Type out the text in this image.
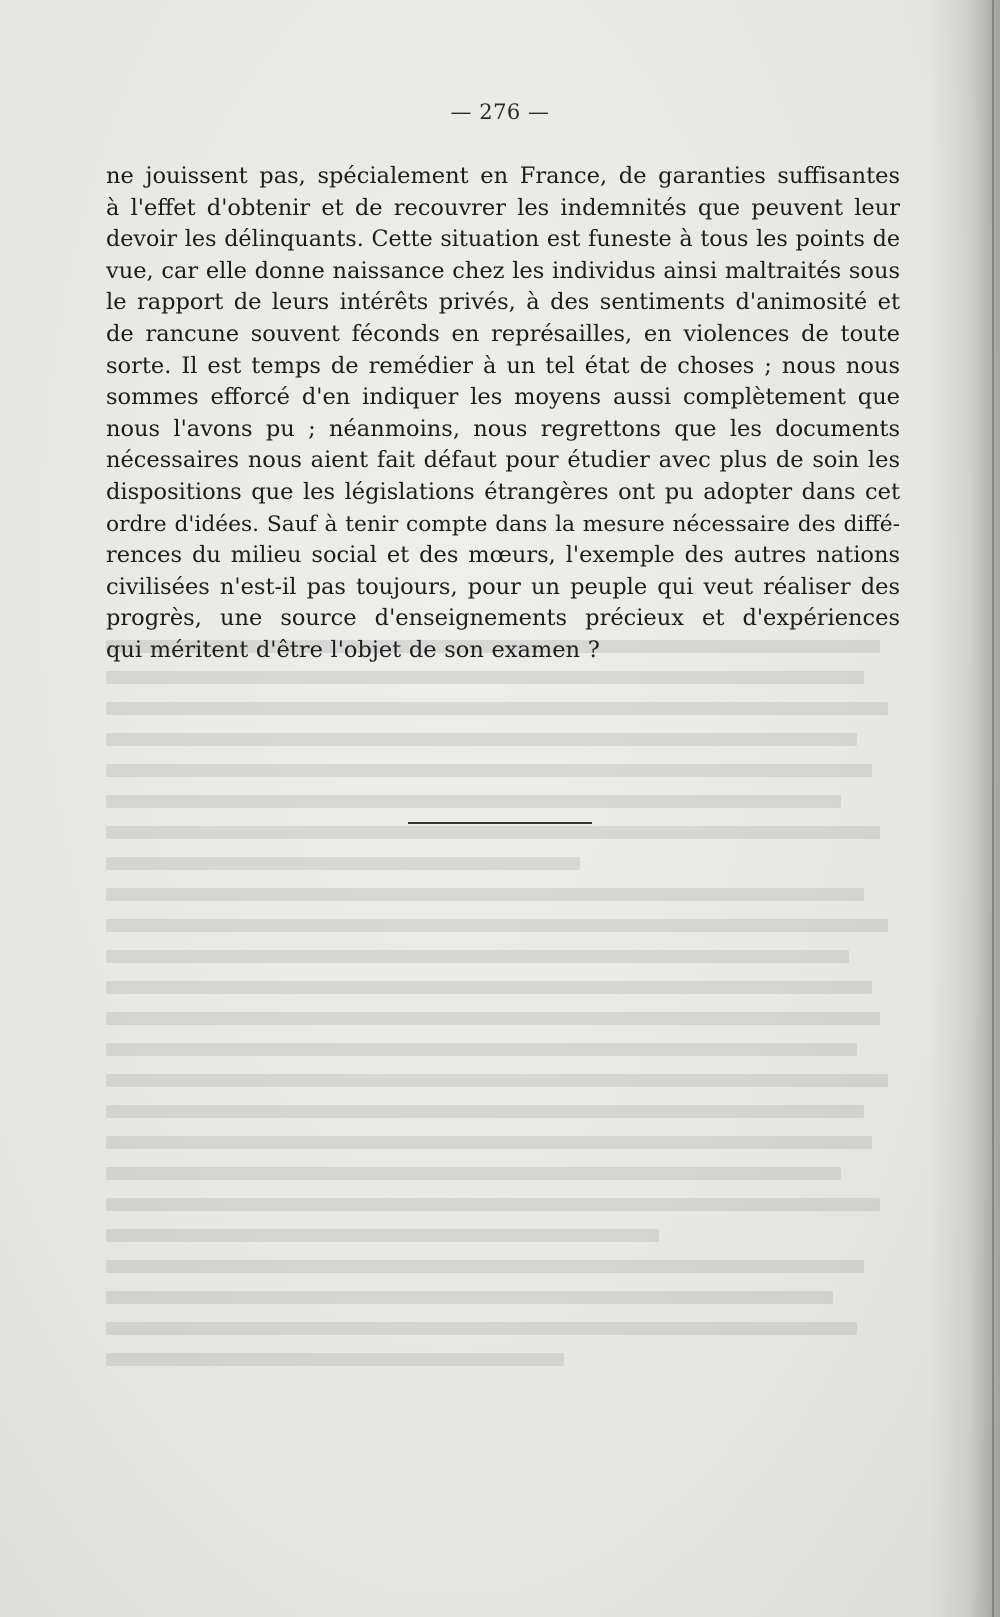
— 276 —

ne jouissent pas, spécialement en France, de garanties suffisantes
à l'effet d'obtenir et de recouvrer les indemnités que peuvent leur
devoir les délinquants. Cette situation est funeste à tous les points de
vue, car elle donne naissance chez les individus ainsi maltraités sous
le rapport de leurs intérêts privés, à des sentiments d'animosité et
de rancune souvent féconds en représailles, en violences de toute
sorte. Il est temps de remédier à un tel état de choses ; nous nous
sommes efforcé d'en indiquer les moyens aussi complètement que
nous l'avons pu ; néanmoins, nous regrettons que les documents
nécessaires nous aient fait défaut pour étudier avec plus de soin les
dispositions que les législations étrangères ont pu adopter dans cet
ordre d'idées. Sauf à tenir compte dans la mesure nécessaire des diffé-
rences du milieu social et des mœurs, l'exemple des autres nations
civilisées n'est-il pas toujours, pour un peuple qui veut réaliser des
progrès, une source d'enseignements précieux et d'expériences
qui méritent d'être l'objet de son examen ?
